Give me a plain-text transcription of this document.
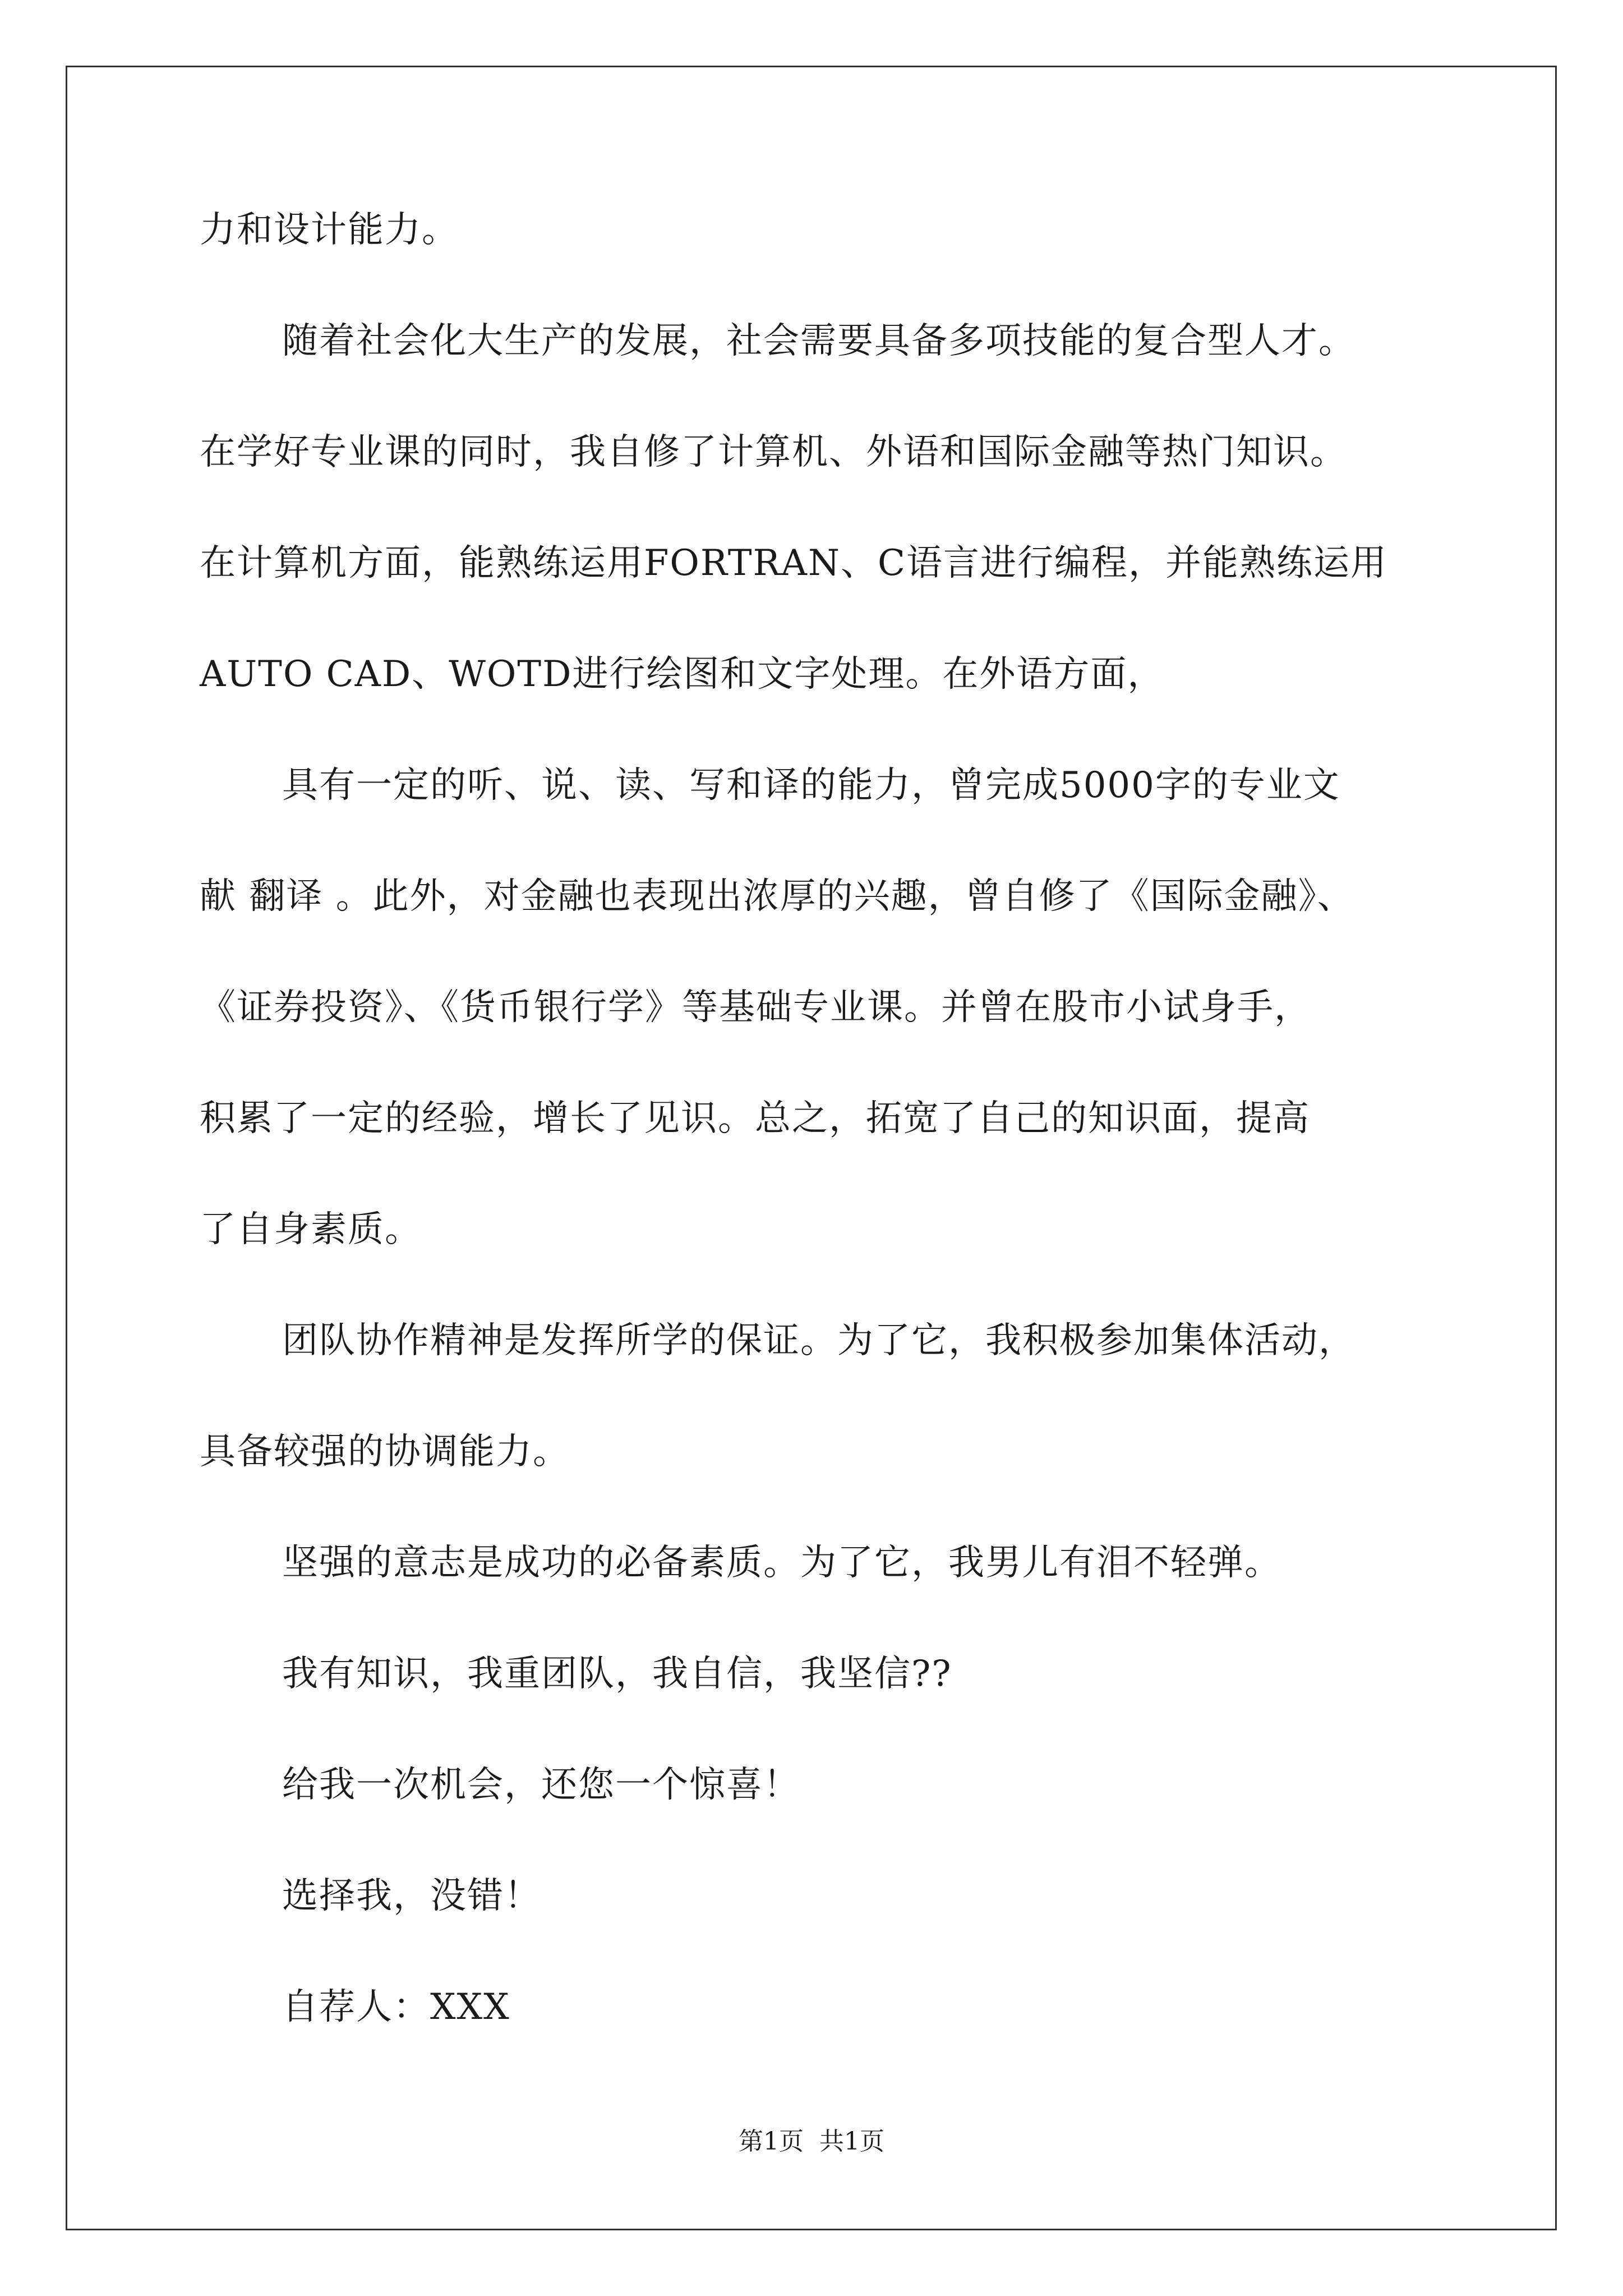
力和设计能力。
随着社会化大生产的发展，社会需要具备多项技能的复合型人才。
在学好专业课的同时，我自修了计算机、外语和国际金融等热门知识。
在计算机方面，能熟练运用FORTRAN、C语言进行编程，并能熟练运用
AUTO CAD、WOTD进行绘图和文字处理。在外语方面，
具有一定的听、说、读、写和译的能力，曾完成5000字的专业文
献 翻译 。此外，对金融也表现出浓厚的兴趣，曾自修了《国际金融》、
《证券投资》、《货币银行学》等基础专业课。并曾在股市小试身手，
积累了一定的经验，增长了见识。总之，拓宽了自己的知识面，提高
了自身素质。
团队协作精神是发挥所学的保证。为了它，我积极参加集体活动，
具备较强的协调能力。
坚强的意志是成功的必备素质。为了它，我男儿有泪不轻弹。
我有知识，我重团队，我自信，我坚信??
给我一次机会，还您一个惊喜！
选择我，没错！
自荐人：XXX
第1页  共1页
